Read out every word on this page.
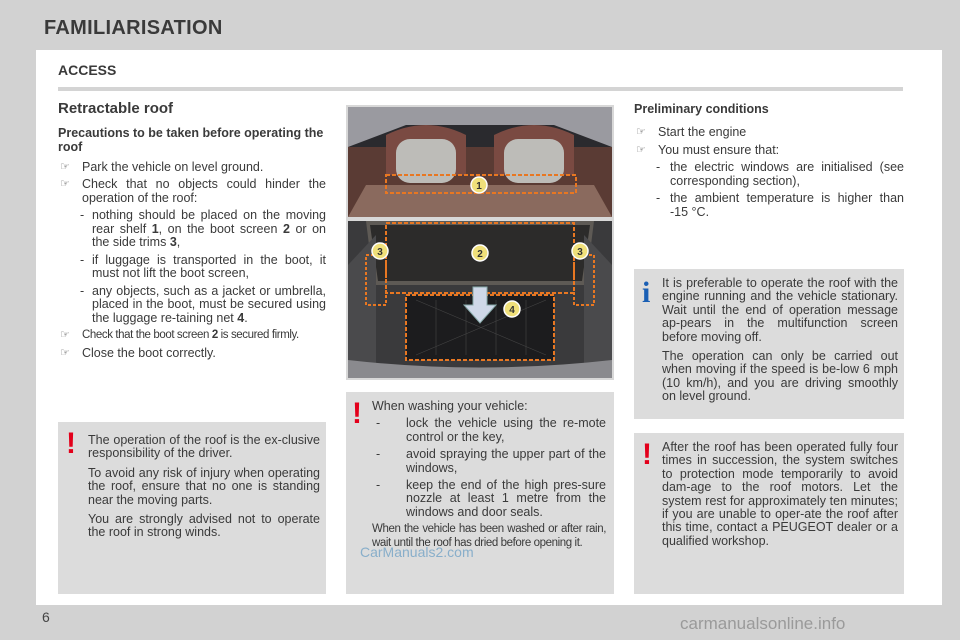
FAMILIARISATION
6	carmanualsonline.info
ACCESS
Retractable roof
Precautions to be taken before operating the roof
☞ Park the vehicle on level ground.
☞ Check that no objects could hinder the operation of the roof:
- nothing should be placed on the moving rear shelf 1, on the boot screen 2 or on the side trims 3,
- if luggage is transported in the boot, it must not lift the boot screen,
- any objects, such as a jacket or umbrella, placed in the boot, must be secured using the luggage re-taining net 4.
☞ Check that the boot screen 2 is secured firmly.
☞ Close the boot correctly.
! The operation of the roof is the ex-clusive responsibility of the driver.

To avoid any risk of injury when operating the roof, ensure that no one is standing near the moving parts.

You are strongly advised not to operate the roof in strong winds.

1
2
3	3
4
! When washing your vehicle:

- lock the vehicle using the re-mote control or the key,
- avoid spraying the upper part of the windows,
- keep the end of the high pres-sure nozzle at least 1 metre from the windows and door seals.

When the vehicle has been washed or after rain, wait until the roof has dried before opening it.

CarManuals2.com
Preliminary conditions
☞ Start the engine
☞ You must ensure that:
- the electric windows are initialised (see corresponding section),
- the ambient temperature is higher than -15 °C.
i It is preferable to operate the roof with the engine running and the vehicle stationary. Wait until the end of operation message ap-pears in the multifunction screen before moving off.

The operation can only be carried out when moving if the speed is be-low 6 mph (10 km/h), and you are driving smoothly on level ground.

! After the roof has been operated fully four times in succession, the system switches to protection mode temporarily to avoid dam-age to the roof motors. Let the system rest for approximately ten minutes; if you are unable to oper-ate the roof after this time, contact a PEUGEOT dealer or a qualified workshop.
